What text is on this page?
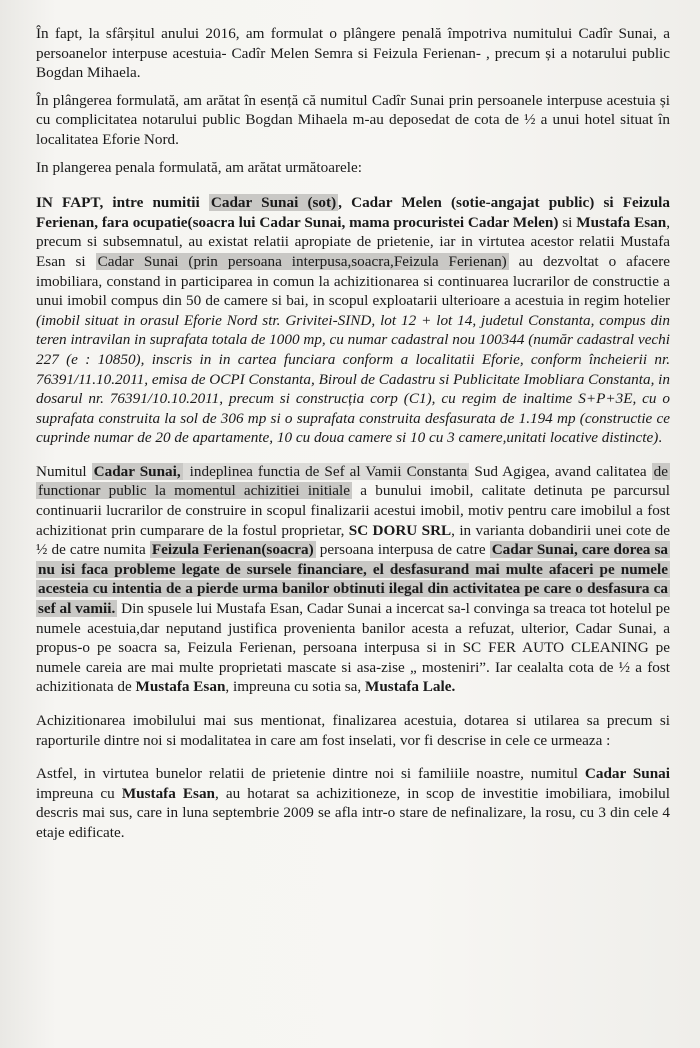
În fapt, la sfârșitul anului 2016, am formulat o plângere penală împotriva numitului Cadîr Sunai, a persoanelor interpuse acestuia- Cadîr Melen Semra si Feizula Ferienan- , precum și a notarului public Bogdan Mihaela.

În plângerea formulată, am arătat în esență că numitul Cadîr Sunai prin persoanele interpuse acestuia și cu complicitatea notarului public Bogdan Mihaela m-au deposedat de cota de ½ a unui hotel situat în localitatea Eforie Nord.

In plangerea penala formulată, am arătat următoarele:

IN FAPT, intre numitii Cadar Sunai (sot) , Cadar Melen (sotie-angajat public) si Feizula Ferienan, fara ocupatie(soacra lui Cadar Sunai, mama procuristei Cadar Melen) si Mustafa Esan, precum si subsemnatul, au existat relatii apropiate de prietenie, iar in virtutea acestor relatii Mustafa Esan si Cadar Sunai (prin persoana interpusa,soacra,Feizula Ferienan) au dezvoltat o afacere imobiliara, constand in participarea in comun la achizitionarea si continuarea lucrarilor de constructie a unui imobil compus din 50 de camere si bai, in scopul exploatarii ulterioare a acestuia in regim hotelier (imobil situat in orasul Eforie Nord str. Grivitei-SIND, lot 12 + lot 14, judetul Constanta, compus din teren intravilan in suprafata totala de 1000 mp, cu numar cadastral nou 100344 (număr cadastral vechi 227 (e : 10850), inscris in in cartea funciara conform a localitatii Eforie, conform încheierii nr. 76391/11.10.2011, emisa de OCPI Constanta, Biroul de Cadastru si Publicitate Imobliara Constanta, in dosarul nr. 76391/10.10.2011, precum si construcția corp (C1), cu regim de inaltime S+P+3E, cu o suprafata construita la sol de 306 mp si o suprafata construita desfasurata de 1.194 mp (constructie ce cuprinde numar de 20 de apartamente, 10 cu doua camere si 10 cu 3 camere,unitati locative distincte).

Numitul Cadar Sunai, indeplinea functia de Sef al Vamii Constanta Sud Agigea, avand calitatea de functionar public la momentul achizitiei initiale a bunului imobil, calitate detinuta pe parcursul continuarii lucrarilor de construire in scopul finalizarii acestui imobil, motiv pentru care imobilul a fost achizitionat prin cumparare de la fostul proprietar, SC DORU SRL, in varianta dobandirii unei cote de ½ de catre numita Feizula Ferienan(soacra) persoana interpusa de catre Cadar Sunai, care dorea sa nu isi faca probleme legate de sursele financiare, el desfasurand mai multe afaceri pe numele acesteia cu intentia de a pierde urma banilor obtinuti ilegal din activitatea pe care o desfasura ca sef al vamii. Din spusele lui Mustafa Esan, Cadar Sunai a incercat sa-l convinga sa treaca tot hotelul pe numele acestuia,dar neputand justifica provenienta banilor acesta a refuzat, ulterior, Cadar Sunai, a propus-o pe soacra sa, Feizula Ferienan, persoana interpusa si in SC FER AUTO CLEANING pe numele careia are mai multe proprietati mascate si asa-zise „ mosteniri”. Iar cealalta cota de ½ a fost achizitionata de Mustafa Esan, impreuna cu sotia sa, Mustafa Lale.

Achizitionarea imobilului mai sus mentionat, finalizarea acestuia, dotarea si utilarea sa precum si raporturile dintre noi si modalitatea in care am fost inselati, vor fi descrise in cele ce urmeaza :

Astfel, in virtutea bunelor relatii de prietenie dintre noi si familiile noastre, numitul Cadar Sunai impreuna cu Mustafa Esan, au hotarat sa achizitioneze, in scop de investitie imobiliara, imobilul descris mai sus, care in luna septembrie 2009 se afla intr-o stare de nefinalizare, la rosu, cu 3 din cele 4 etaje edificate.
